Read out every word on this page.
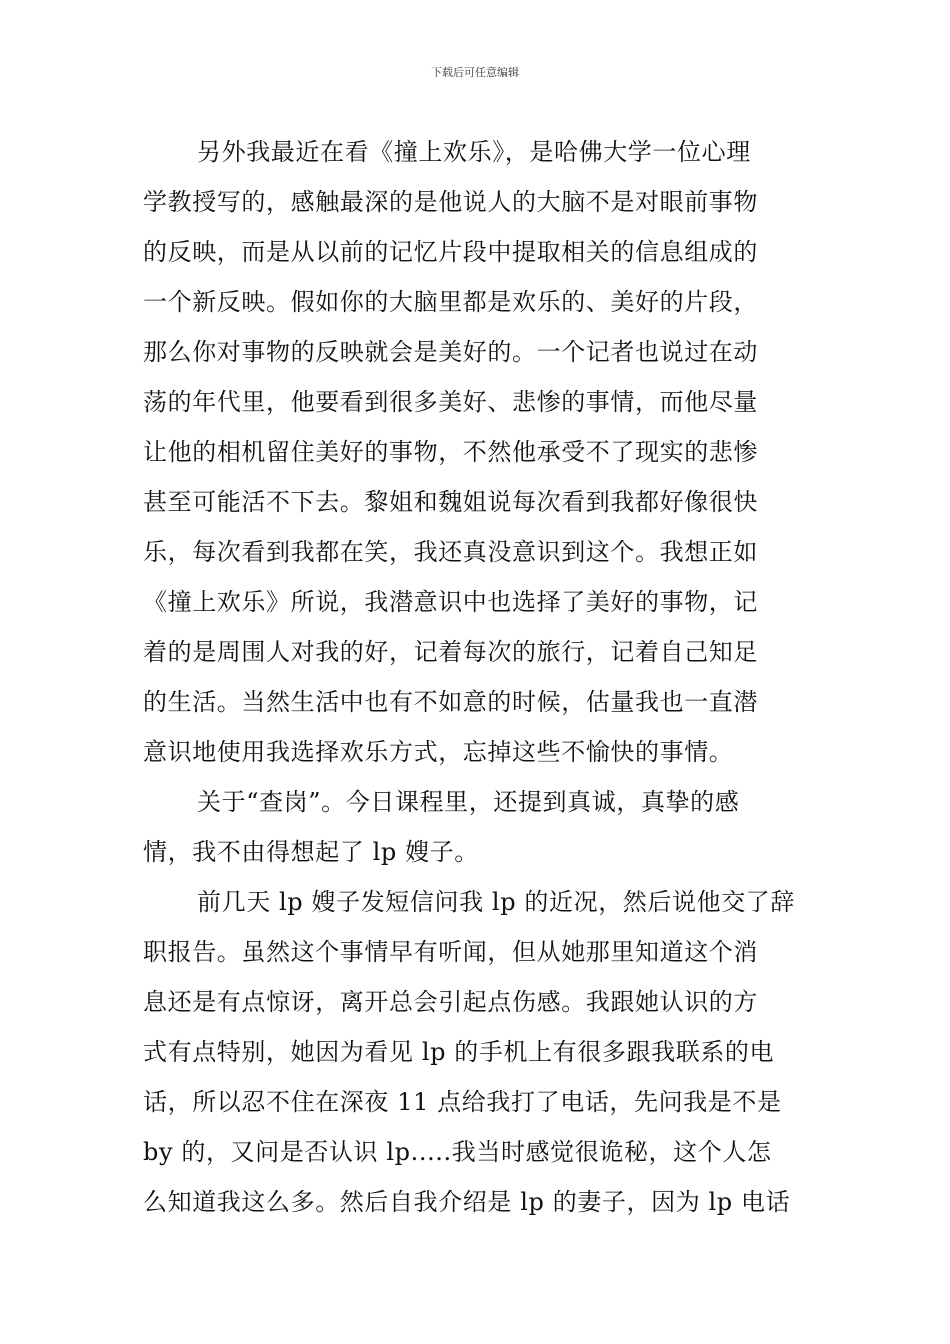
下载后可任意编辑
另外我最近在看《撞上欢乐》，是哈佛大学一位心理
学教授写的，感触最深的是他说人的大脑不是对眼前事物
的反映，而是从以前的记忆片段中提取相关的信息组成的
一个新反映。假如你的大脑里都是欢乐的、美好的片段，
那么你对事物的反映就会是美好的。一个记者也说过在动
荡的年代里，他要看到很多美好、悲惨的事情，而他尽量
让他的相机留住美好的事物，不然他承受不了现实的悲惨
甚至可能活不下去。黎姐和魏姐说每次看到我都好像很快
乐，每次看到我都在笑，我还真没意识到这个。我想正如
《撞上欢乐》所说，我潜意识中也选择了美好的事物，记
着的是周围人对我的好，记着每次的旅行，记着自己知足
的生活。当然生活中也有不如意的时候，估量我也一直潜
意识地使用我选择欢乐方式，忘掉这些不愉快的事情。
关于“查岗”。今日课程里，还提到真诚，真挚的感
情，我不由得想起了 lp 嫂子。
前几天 lp 嫂子发短信问我 lp 的近况，然后说他交了辞
职报告。虽然这个事情早有听闻，但从她那里知道这个消
息还是有点惊讶，离开总会引起点伤感。我跟她认识的方
式有点特别，她因为看见 lp 的手机上有很多跟我联系的电
话，所以忍不住在深夜 11 点给我打了电话，先问我是不是
by 的，又问是否认识 lp.....我当时感觉很诡秘，这个人怎
么知道我这么多。然后自我介绍是 lp 的妻子，因为 lp 电话
